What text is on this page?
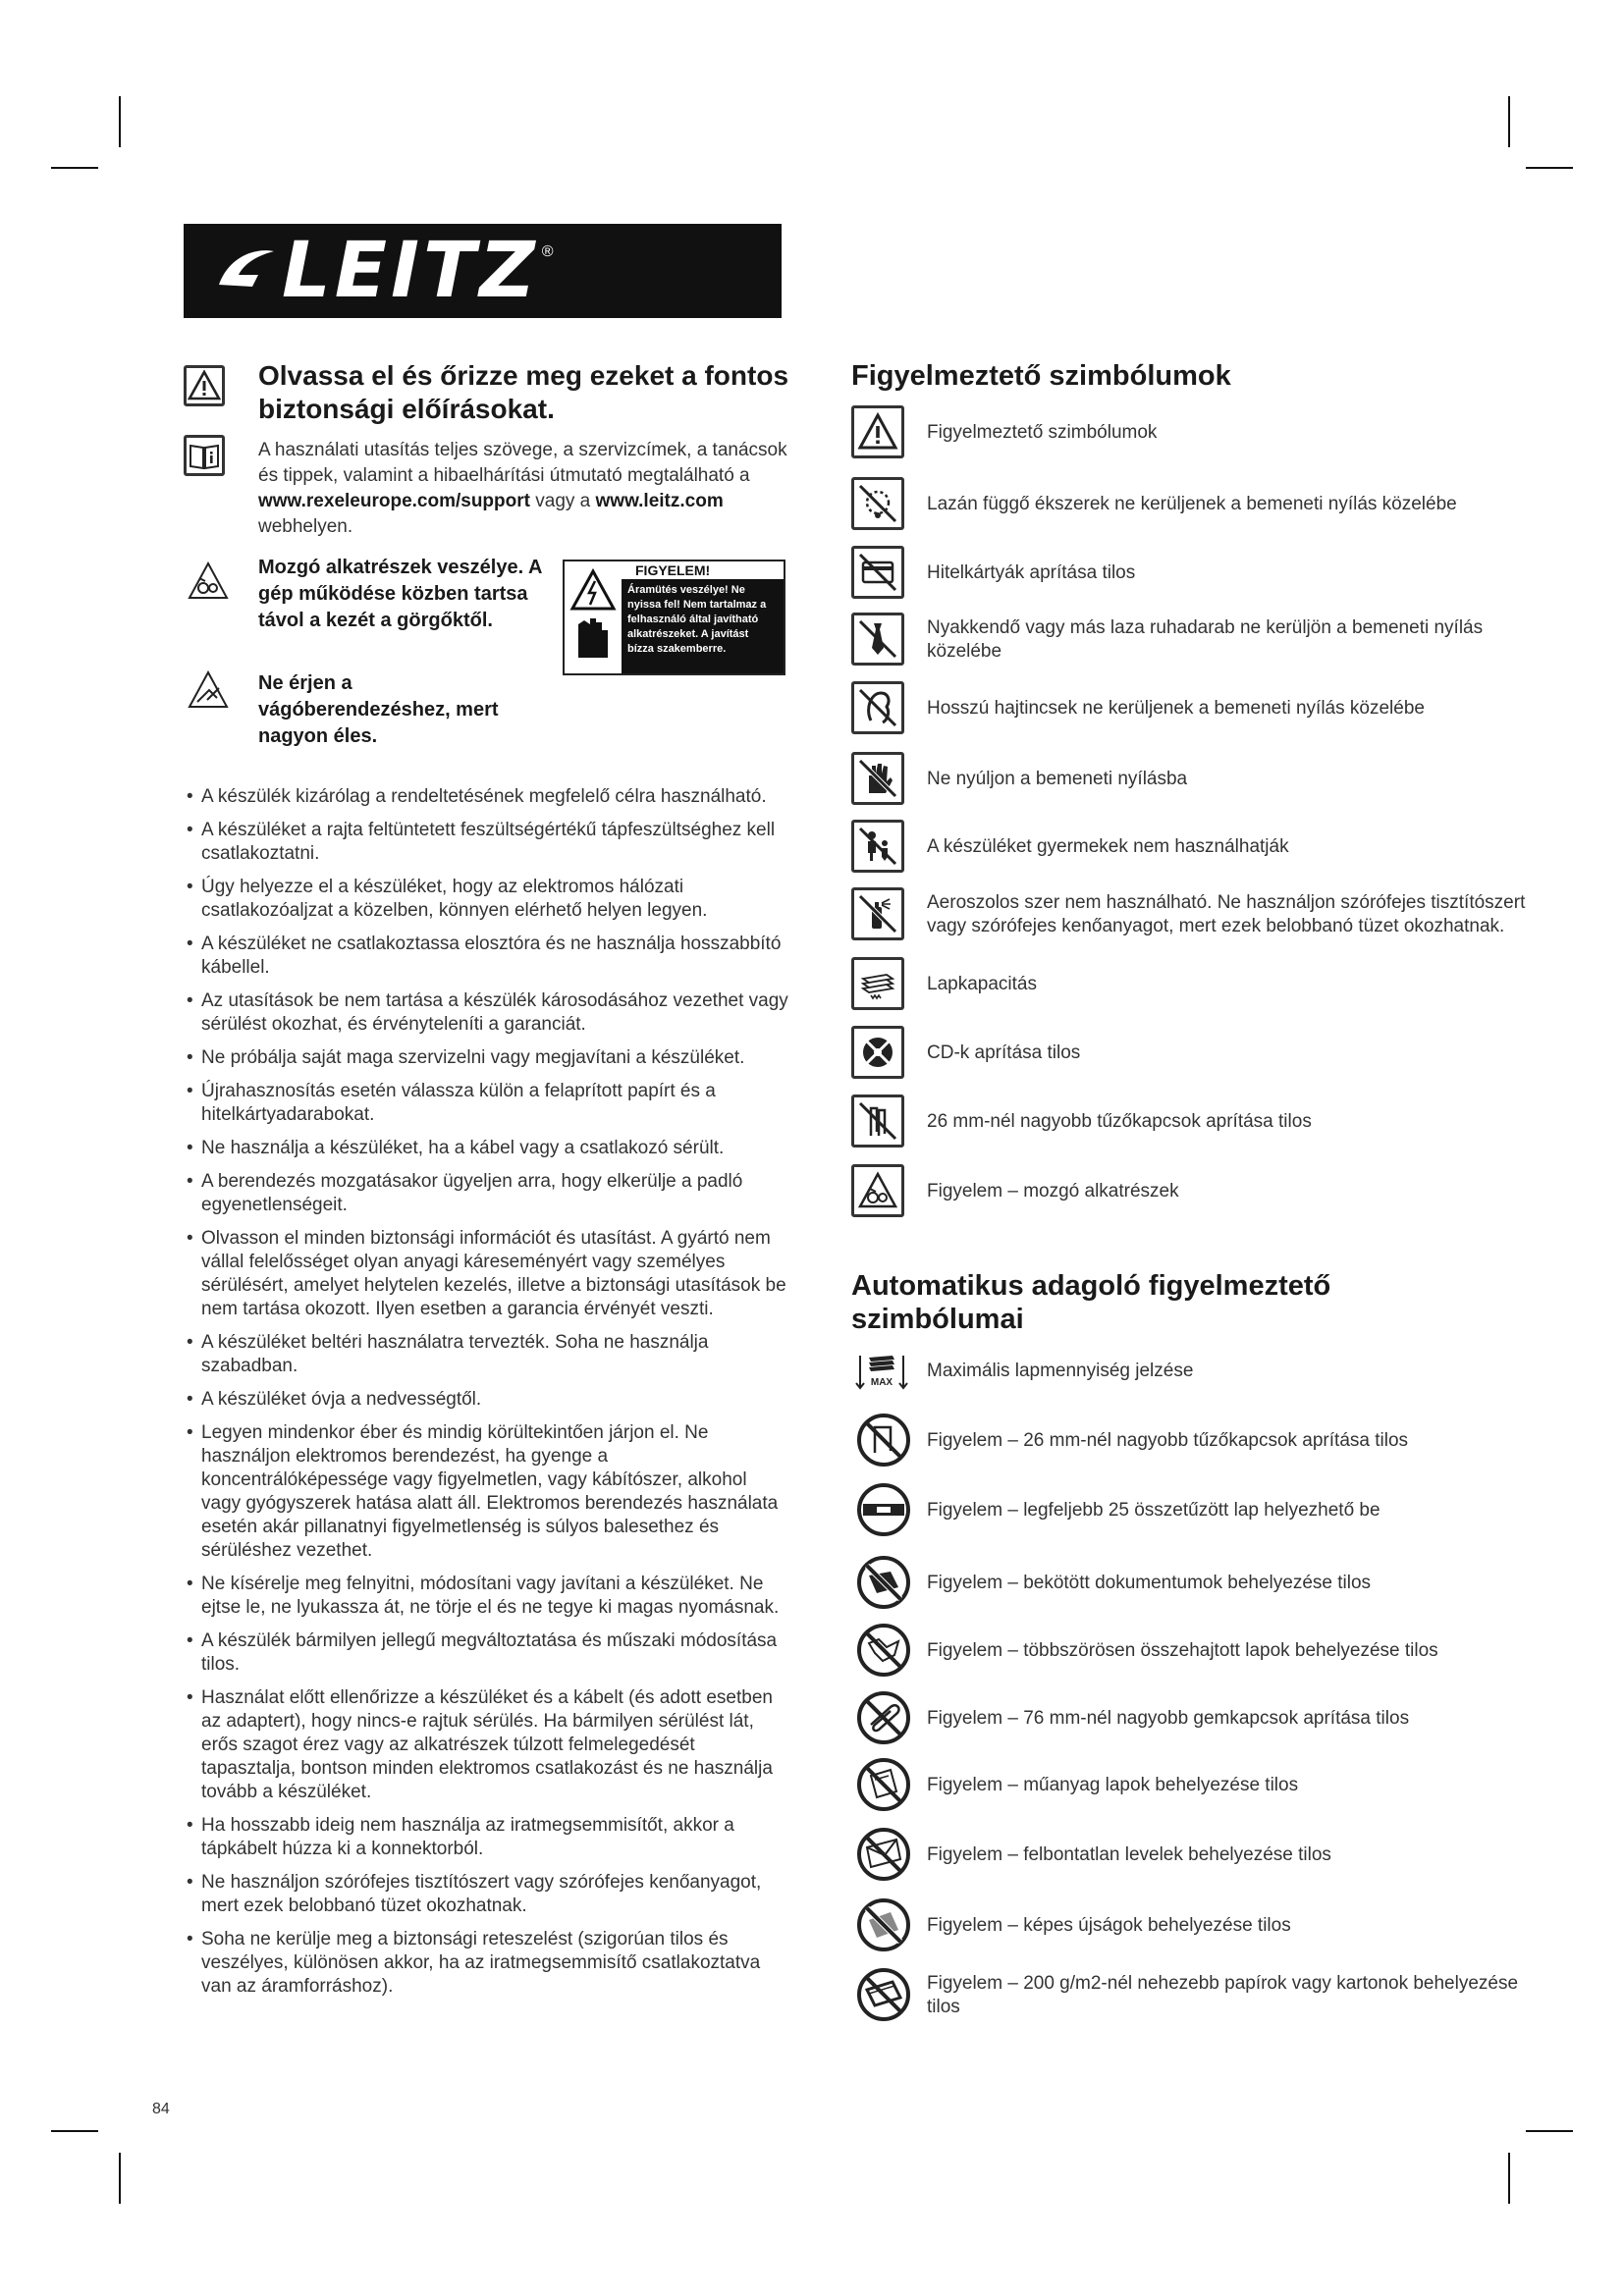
LEITZ ®
Olvassa el és őrizze meg ezeket a fontos biztonsági előírásokat.
A használati utasítás teljes szövege, a szervizcímek, a tanácsok és tippek, valamint a hibaelhárítási útmutató megtalálható a www.rexeleurope.com/support vagy a www.leitz.com webhelyen.
Mozgó alkatrészek veszélye. A gép működése közben tartsa távol a kezét a görgőktől.
Ne érjen a vágóberendezéshez, mert nagyon éles.
FIGYELEM!
Áramütés veszélye! Ne nyissa fel! Nem tartalmaz a felhasználó által javítható alkatrészeket. A javítást bízza szakemberre.
• A készülék kizárólag a rendeltetésének megfelelő célra használható.
• A készüléket a rajta feltüntetett feszültségértékű tápfeszültséghez kell csatlakoztatni.
• Úgy helyezze el a készüléket, hogy az elektromos hálózati csatlakozóaljzat a közelben, könnyen elérhető helyen legyen.
• A készüléket ne csatlakoztassa elosztóra és ne használja hosszabbító kábellel.
• Az utasítások be nem tartása a készülék károsodásához vezethet vagy sérülést okozhat, és érvényteleníti a garanciát.
• Ne próbálja saját maga szervizelni vagy megjavítani a készüléket.
• Újrahasznosítás esetén válassza külön a felaprított papírt és a hitelkártyadarabokat.
• Ne használja a készüléket, ha a kábel vagy a csatlakozó sérült.
• A berendezés mozgatásakor ügyeljen arra, hogy elkerülje a padló egyenetlenségeit.
• Olvasson el minden biztonsági információt és utasítást. A gyártó nem vállal felelősséget olyan anyagi káreseményért vagy személyes sérülésért, amelyet helytelen kezelés, illetve a biztonsági utasítások be nem tartása okozott. Ilyen esetben a garancia érvényét veszti.
• A készüléket beltéri használatra tervezték. Soha ne használja szabadban.
• A készüléket óvja a nedvességtől.
• Legyen mindenkor éber és mindig körültekintően járjon el. Ne használjon elektromos berendezést, ha gyenge a koncentrálóképessége vagy figyelmetlen, vagy kábítószer, alkohol vagy gyógyszerek hatása alatt áll. Elektromos berendezés használata esetén akár pillanatnyi figyelmetlenség is súlyos balesethez és sérüléshez vezethet.
• Ne kísérelje meg felnyitni, módosítani vagy javítani a készüléket. Ne ejtse le, ne lyukassza át, ne törje el és ne tegye ki magas nyomásnak.
• A készülék bármilyen jellegű megváltoztatása és műszaki módosítása tilos.
• Használat előtt ellenőrizze a készüléket és a kábelt (és adott esetben az adaptert), hogy nincs-e rajtuk sérülés. Ha bármilyen sérülést lát, erős szagot érez vagy az alkatrészek túlzott felmelegedését tapasztalja, bontson minden elektromos csatlakozást és ne használja tovább a készüléket.
• Ha hosszabb ideig nem használja az iratmegsemmisítőt, akkor a tápkábelt húzza ki a konnektorból.
• Ne használjon szórófejes tisztítószert vagy szórófejes kenőanyagot, mert ezek belobbanó tüzet okozhatnak.
• Soha ne kerülje meg a biztonsági reteszelést (szigorúan tilos és veszélyes, különösen akkor, ha az iratmegsemmisítő csatlakoztatva van az áramforráshoz).
Figyelmeztető szimbólumok
Figyelmeztető szimbólumok
Lazán függő ékszerek ne kerüljenek a bemeneti nyílás közelébe
Hitelkártyák aprítása tilos
Nyakkendő vagy más laza ruhadarab ne kerüljön a bemeneti nyílás közelébe
Hosszú hajtincsek ne kerüljenek a bemeneti nyílás közelébe
Ne nyúljon a bemeneti nyílásba
A készüléket gyermekek nem használhatják
Aeroszolos szer nem használható. Ne használjon szórófejes tisztítószert vagy szórófejes kenőanyagot, mert ezek belobbanó tüzet okozhatnak.
Lapkapacitás
CD-k aprítása tilos
26 mm-nél nagyobb tűzőkapcsok aprítása tilos
Figyelem – mozgó alkatrészek
Automatikus adagoló figyelmeztető szimbólumai
MAX
Maximális lapmennyiség jelzése
Figyelem – 26 mm-nél nagyobb tűzőkapcsok aprítása tilos
Figyelem – legfeljebb 25 összetűzött lap helyezhető be
Figyelem – bekötött dokumentumok behelyezése tilos
Figyelem – többszörösen összehajtott lapok behelyezése tilos
Figyelem – 76 mm-nél nagyobb gemkapcsok aprítása tilos
Figyelem – műanyag lapok behelyezése tilos
Figyelem – felbontatlan levelek behelyezése tilos
Figyelem – képes újságok behelyezése tilos
Figyelem – 200 g/m2-nél nehezebb papírok vagy kartonok behelyezése tilos
84
